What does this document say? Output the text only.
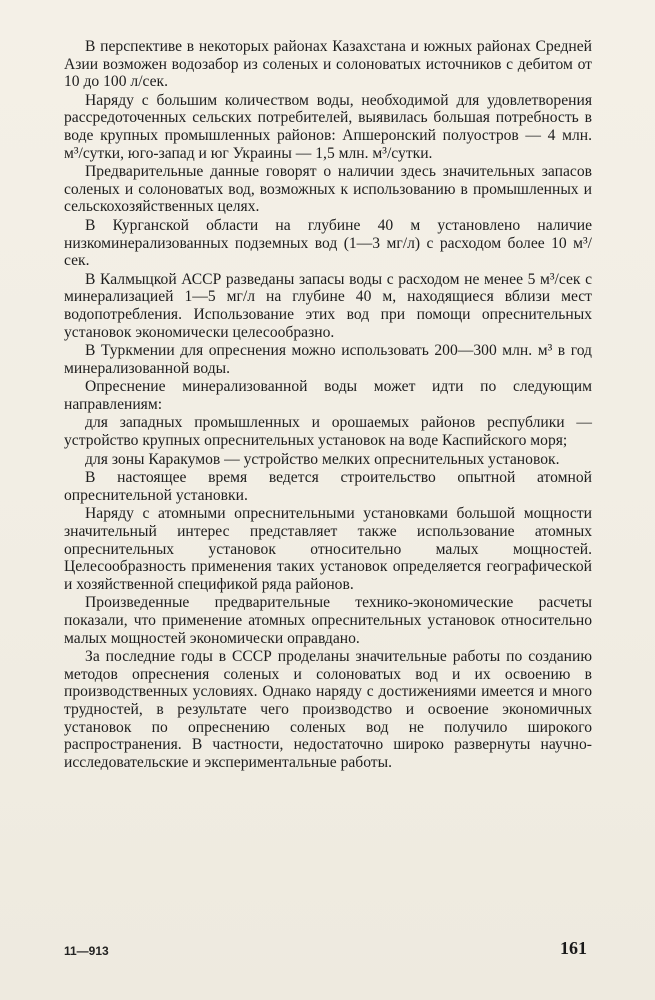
В перспективе в некоторых районах Казахстана и южных районах Средней Азии возможен водозабор из соленых и солоноватых источников с дебитом от 10 до 100 л/сек.

Наряду с большим количеством воды, необходимой для удовлетворения рассредоточенных сельских потребителей, выявилась большая потребность в воде крупных промышленных районов: Апшеронский полуостров — 4 млн. м³/сутки, юго-запад и юг Украины — 1,5 млн. м³/сутки.

Предварительные данные говорят о наличии здесь значительных запасов соленых и солоноватых вод, возможных к использованию в промышленных и сельскохозяйственных целях.

В Курганской области на глубине 40 м установлено наличие низкоминерализованных подземных вод (1—3 мг/л) с расходом более 10 м³/сек.

В Калмыцкой АССР разведаны запасы воды с расходом не менее 5 м³/сек с минерализацией 1—5 мг/л на глубине 40 м, находящиеся вблизи мест водопотребления. Использование этих вод при помощи опреснительных установок экономически целесообразно.

В Туркмении для опреснения можно использовать 200—300 млн. м³ в год минерализованной воды.

Опреснение минерализованной воды может идти по следующим направлениям:

для западных промышленных и орошаемых районов республики — устройство крупных опреснительных установок на воде Каспийского моря;

для зоны Каракумов — устройство мелких опреснительных установок.

В настоящее время ведется строительство опытной атомной опреснительной установки.

Наряду с атомными опреснительными установками большой мощности значительный интерес представляет также использование атомных опреснительных установок относительно малых мощностей. Целесообразность применения таких установок определяется географической и хозяйственной спецификой ряда районов.

Произведенные предварительные технико-экономические расчеты показали, что применение атомных опреснительных установок относительно малых мощностей экономически оправдано.

За последние годы в СССР проделаны значительные работы по созданию методов опреснения соленых и солоноватых вод и их освоению в производственных условиях. Однако наряду с достижениями имеется и много трудностей, в результате чего производство и освоение экономичных установок по опреснению соленых вод не получило широкого распространения. В частности, недостаточно широко развернуты научно-исследовательские и экспериментальные работы.

11—913	161
